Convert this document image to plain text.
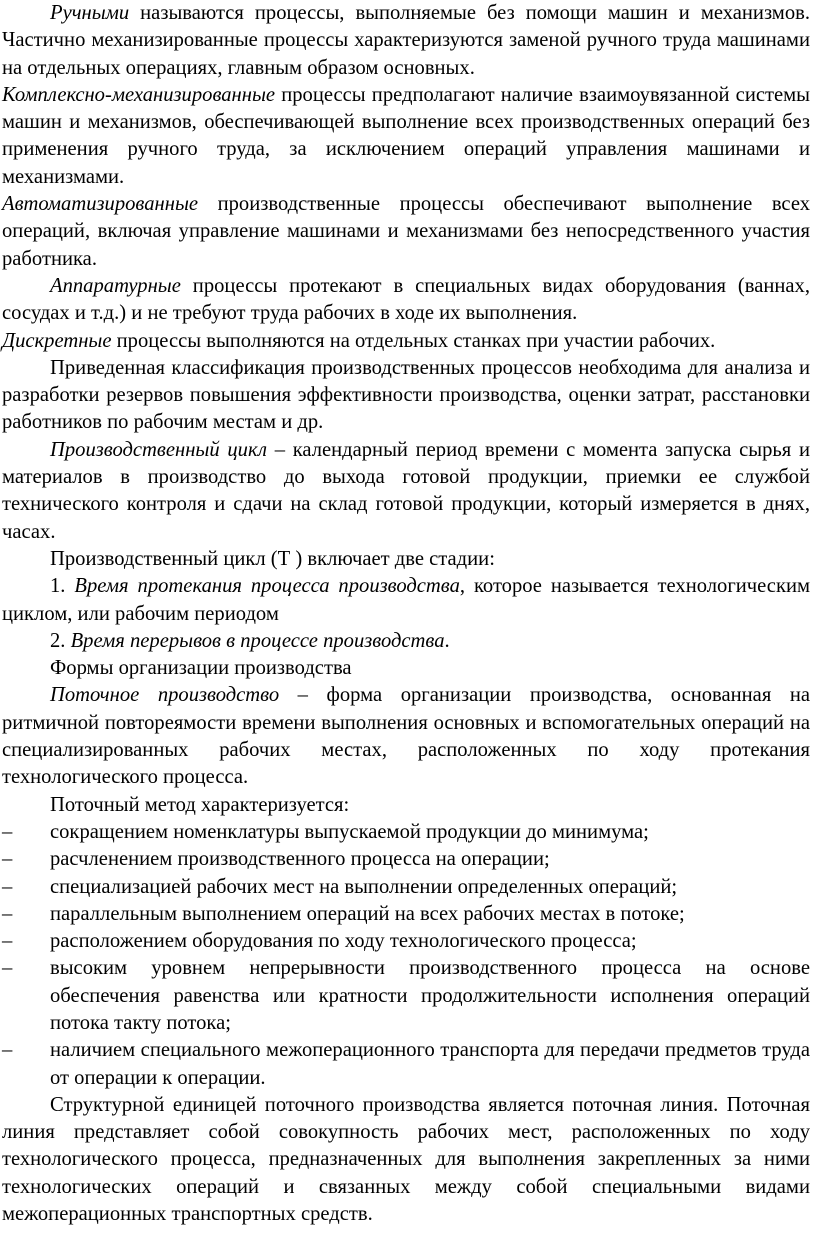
Ручными называются процессы, выполняемые без помощи машин и механизмов. Частично механизированные процессы характеризуются заменой ручного труда машинами на отдельных операциях, главным образом основных.
Комплексно-механизированные процессы предполагают наличие взаимоувязанной системы машин и механизмов, обеспечивающей выполнение всех производственных операций без применения ручного труда, за исключением операций управления машинами и механизмами.
Автоматизированные производственные процессы обеспечивают выполнение всех операций, включая управление машинами и механизмами без непосредственного участия работника.

Аппаратурные процессы протекают в специальных видах оборудования (ваннах, сосудах и т.д.) и не требуют труда рабочих в ходе их выполнения.
Дискретные процессы выполняются на отдельных станках при участии рабочих.

Приведенная классификация производственных процессов необходима для анализа и разработки резервов повышения эффективности производства, оценки затрат, расстановки работников по рабочим местам и др.

Производственный цикл – календарный период времени с момента запуска сырья и материалов в производство до выхода готовой продукции, приемки ее службой технического контроля и сдачи на склад готовой продукции, который измеряется в днях, часах.

Производственный цикл (Т ) включает две стадии:

1. Время протекания процесса производства, которое называется технологическим циклом, или рабочим периодом

2. Время перерывов в процессе производства.

Формы организации производства

Поточное производство – форма организации производства, основанная на ритмичной повтореямости времени выполнения основных и вспомогательных операций на специализированных рабочих местах, расположенных по ходу протекания технологического процесса.

Поточный метод характеризуется:

– сокращением номенклатуры выпускаемой продукции до минимума;
– расчленением производственного процесса на операции;
– специализацией рабочих мест на выполнении определенных операций;
– параллельным выполнением операций на всех рабочих местах в потоке;
– расположением оборудования по ходу технологического процесса;
– высоким уровнем непрерывности производственного процесса на основе обеспечения равенства или кратности продолжительности исполнения операций потока такту потока;
– наличием специального межоперационного транспорта для передачи предметов труда от операции к операции.

Структурной единицей поточного производства является поточная линия. Поточная линия представляет собой совокупность рабочих мест, расположенных по ходу технологического процесса, предназначенных для выполнения закрепленных за ними технологических операций и связанных между собой специальными видами межоперационных транспортных средств.
